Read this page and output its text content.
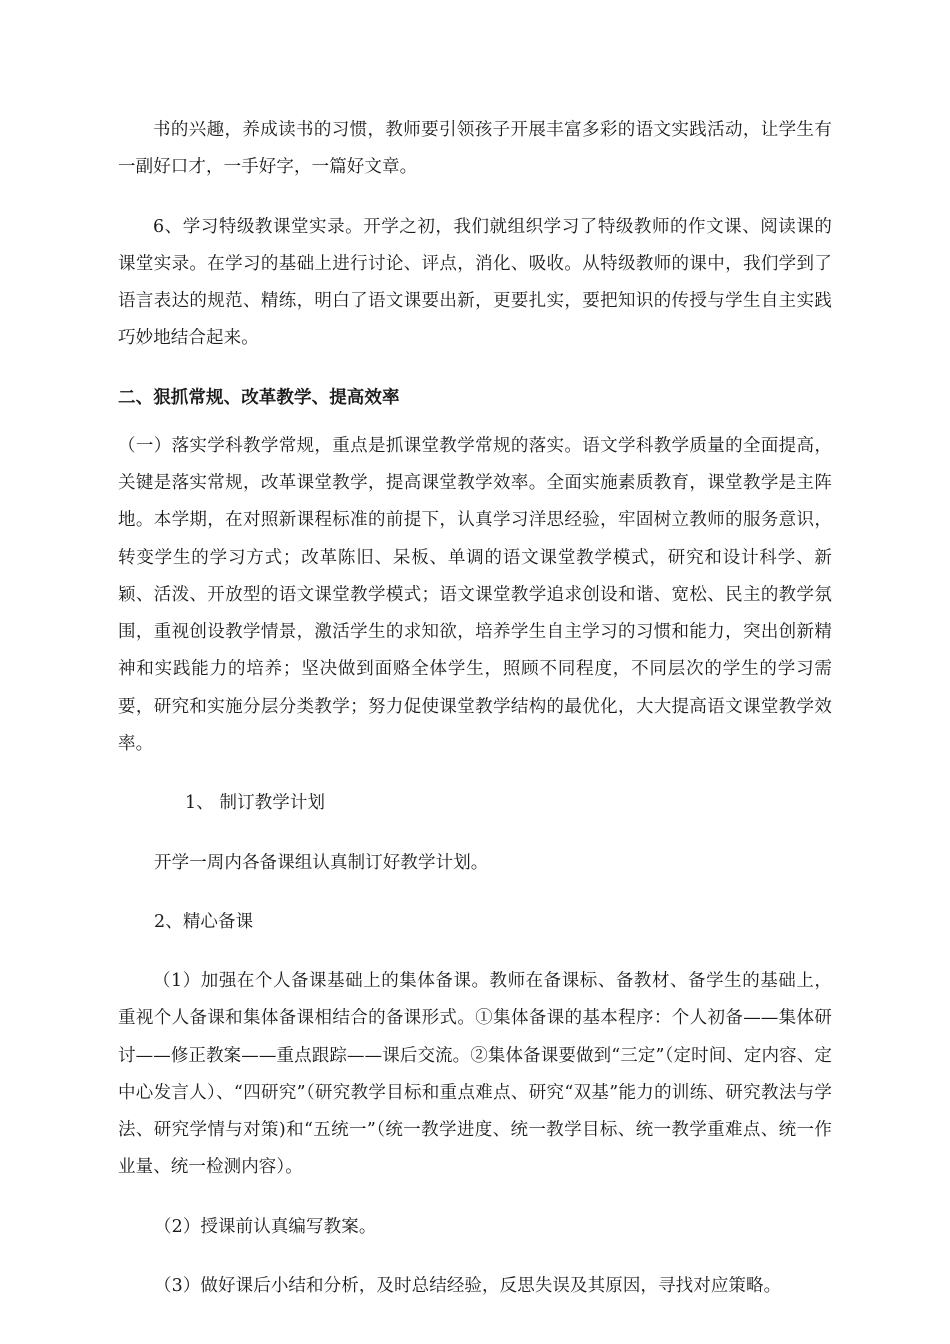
书的兴趣，养成读书的习惯，教师要引领孩子开展丰富多彩的语文实践活动，让学生有一副好口才，一手好字，一篇好文章。

6、学习特级教课堂实录。开学之初，我们就组织学习了特级教师的作文课、阅读课的课堂实录。在学习的基础上进行讨论、评点，消化、吸收。从特级教师的课中，我们学到了语言表达的规范、精练，明白了语文课要出新，更要扎实，要把知识的传授与学生自主实践巧妙地结合起来。

二、狠抓常规、改革教学、提高效率

（一）落实学科教学常规，重点是抓课堂教学常规的落实。语文学科教学质量的全面提高，关键是落实常规，改革课堂教学，提高课堂教学效率。全面实施素质教育，课堂教学是主阵地。本学期，在对照新课程标准的前提下，认真学习洋思经验，牢固树立教师的服务意识，转变学生的学习方式；改革陈旧、呆板、单调的语文课堂教学模式，研究和设计科学、新颖、活泼、开放型的语文课堂教学模式；语文课堂教学追求创设和谐、宽松、民主的教学氛围，重视创设教学情景，激活学生的求知欲，培养学生自主学习的习惯和能力，突出创新精神和实践能力的培养；坚决做到面赂全体学生，照顾不同程度，不同层次的学生的学习需要，研究和实施分层分类教学；努力促使课堂教学结构的最优化，大大提高语文课堂教学效率。

1、 制订教学计划

开学一周内各备课组认真制订好教学计划。

2、精心备课

（1）加强在个人备课基础上的集体备课。教师在备课标、备教材、备学生的基础上，重视个人备课和集体备课相结合的备课形式。①集体备课的基本程序：个人初备——集体研讨——修正教案——重点跟踪——课后交流。②集体备课要做到“三定”（定时间、定内容、定中心发言人）、“四研究”（研究教学目标和重点难点、研究“双基”能力的训练、研究教法与学法、研究学情与对策)和“五统一”（统一教学进度、统一教学目标、统一教学重难点、统一作业量、统一检测内容）。

（2）授课前认真编写教案。

（3）做好课后小结和分析，及时总结经验，反思失误及其原因，寻找对应策略。
